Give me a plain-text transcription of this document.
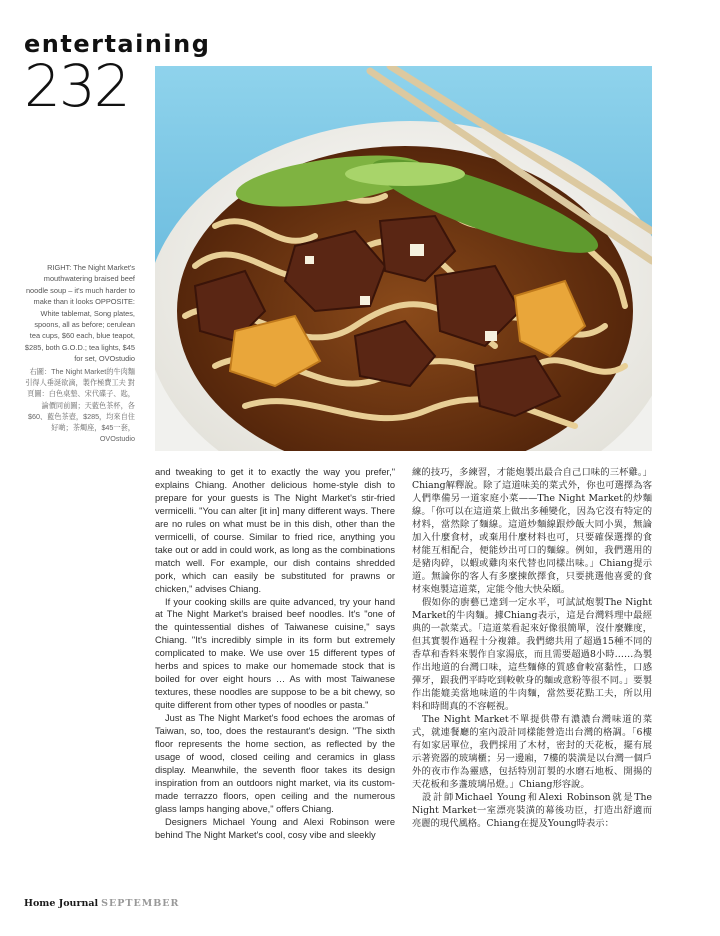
entertaining
232
RIGHT: The Night Market's mouthwatering braised beef noodle soup – it's much harder to make than it looks OPPOSITE: White tablemat, Song plates, spoons, all as before; cerulean tea cups, $60 each, blue teapot, $285, both G.O.D.; tea lights, $45 for set, OVOstudio
右圖：The Night Market的牛肉麵引得人垂涎欲滴，製作極費工夫 對頁圖：白色桌墊、宋代碟子、匙，論價同前圖；天藍色茶杯，各$60、藍色茶壺，$285，均來自住好啲；茶燭座，$45一套，OVOstudio

and tweaking to get it to exactly the way you prefer," explains Chiang. Another delicious home-style dish to prepare for your guests is The Night Market's stir-fried vermicelli. "You can alter [it in] many different ways. There are no rules on what must be in this dish, other than the vermicelli, of course. Similar to fried rice, anything you take out or add in could work, as long as the combinations match well. For example, our dish contains shredded pork, which can easily be substituted for prawns or chicken," advises Chiang.

If your cooking skills are quite advanced, try your hand at The Night Market's braised beef noodles. It's "one of the quintessential dishes of Taiwanese cuisine," says Chiang. "It's incredibly simple in its form but extremely complicated to make. We use over 15 different types of herbs and spices to make our homemade stock that is boiled for over eight hours … As with most Taiwanese textures, these noodles are suppose to be a bit chewy, so quite different from other types of noodles or pasta."

Just as The Night Market's food echoes the aromas of Taiwan, so, too, does the restaurant's design. "The sixth floor represents the home section, as reflected by the usage of wood, closed ceiling and ceramics in glass display. Meanwhile, the seventh floor takes its design inspiration from an outdoors night market, via its custom-made terrazzo floors, open ceiling and the numerous glass lamps hanging above," offers Chiang.

Designers Michael Young and Alexi Robinson were behind The Night Market's cool, cosy vibe and sleekly

練的技巧，多練習，才能炮製出最合自己口味的三杯雞。」Chiang解釋說。除了這道味美的菜式外，你也可選擇為客人們準備另一道家庭小菜——The Night Market的炒麵線。「你可以在這道菜上做出多種變化，因為它沒有特定的材料，當然除了麵線。這道炒麵線跟炒飯大同小異，無論加入什麼食材，或棄用什麼材料也可，只要確保選擇的食材能互相配合，便能炒出可口的麵線。例如，我們選用的是豬肉碎，以蝦或雞肉來代替也同樣出味。」Chiang提示道。無論你的客人有多麼揀飲擇食，只要挑選他喜愛的食材來炮製這道菜，定能令他大快朵頤。

假如你的廚藝已達到一定水平，可試試炮製The Night Market的牛肉麵。據Chiang表示，這是台灣料理中最經典的一款菜式。「這道菜看起來好像很簡單，沒什麼難度，但其實製作過程十分複雜。我們總共用了超過15種不同的香草和香料來製作自家湯底，而且需要超過8小時……為製作出地道的台灣口味，這些麵條的質感會較富黏性，口感彈牙，跟我們平時吃到較軟身的麵或意粉等很不同。」要製作出能媲美當地味道的牛肉麵，當然要花點工夫，所以用料和時間真的不容輕視。

The Night Market不單提供帶有濃濃台灣味道的菜式，就連餐廳的室內設計同樣能營造出台灣的格調。「6樓有如家居單位，我們採用了木材，密封的天花板，擺有展示著瓷器的玻璃櫃；另一邊廂，7樓的裝潢是以台灣一個戶外的夜市作為靈感，包括特別訂製的水磨石地板、開揚的天花板和多盞玻璃吊燈。」Chiang形容說。

設計師Michael Young和Alexi Robinson就是The Night Market一室漂亮裝潢的幕後功臣，打造出舒適而亮麗的現代風格。Chiang在提及Young時表示：

Home Journal SEPTEMBER
